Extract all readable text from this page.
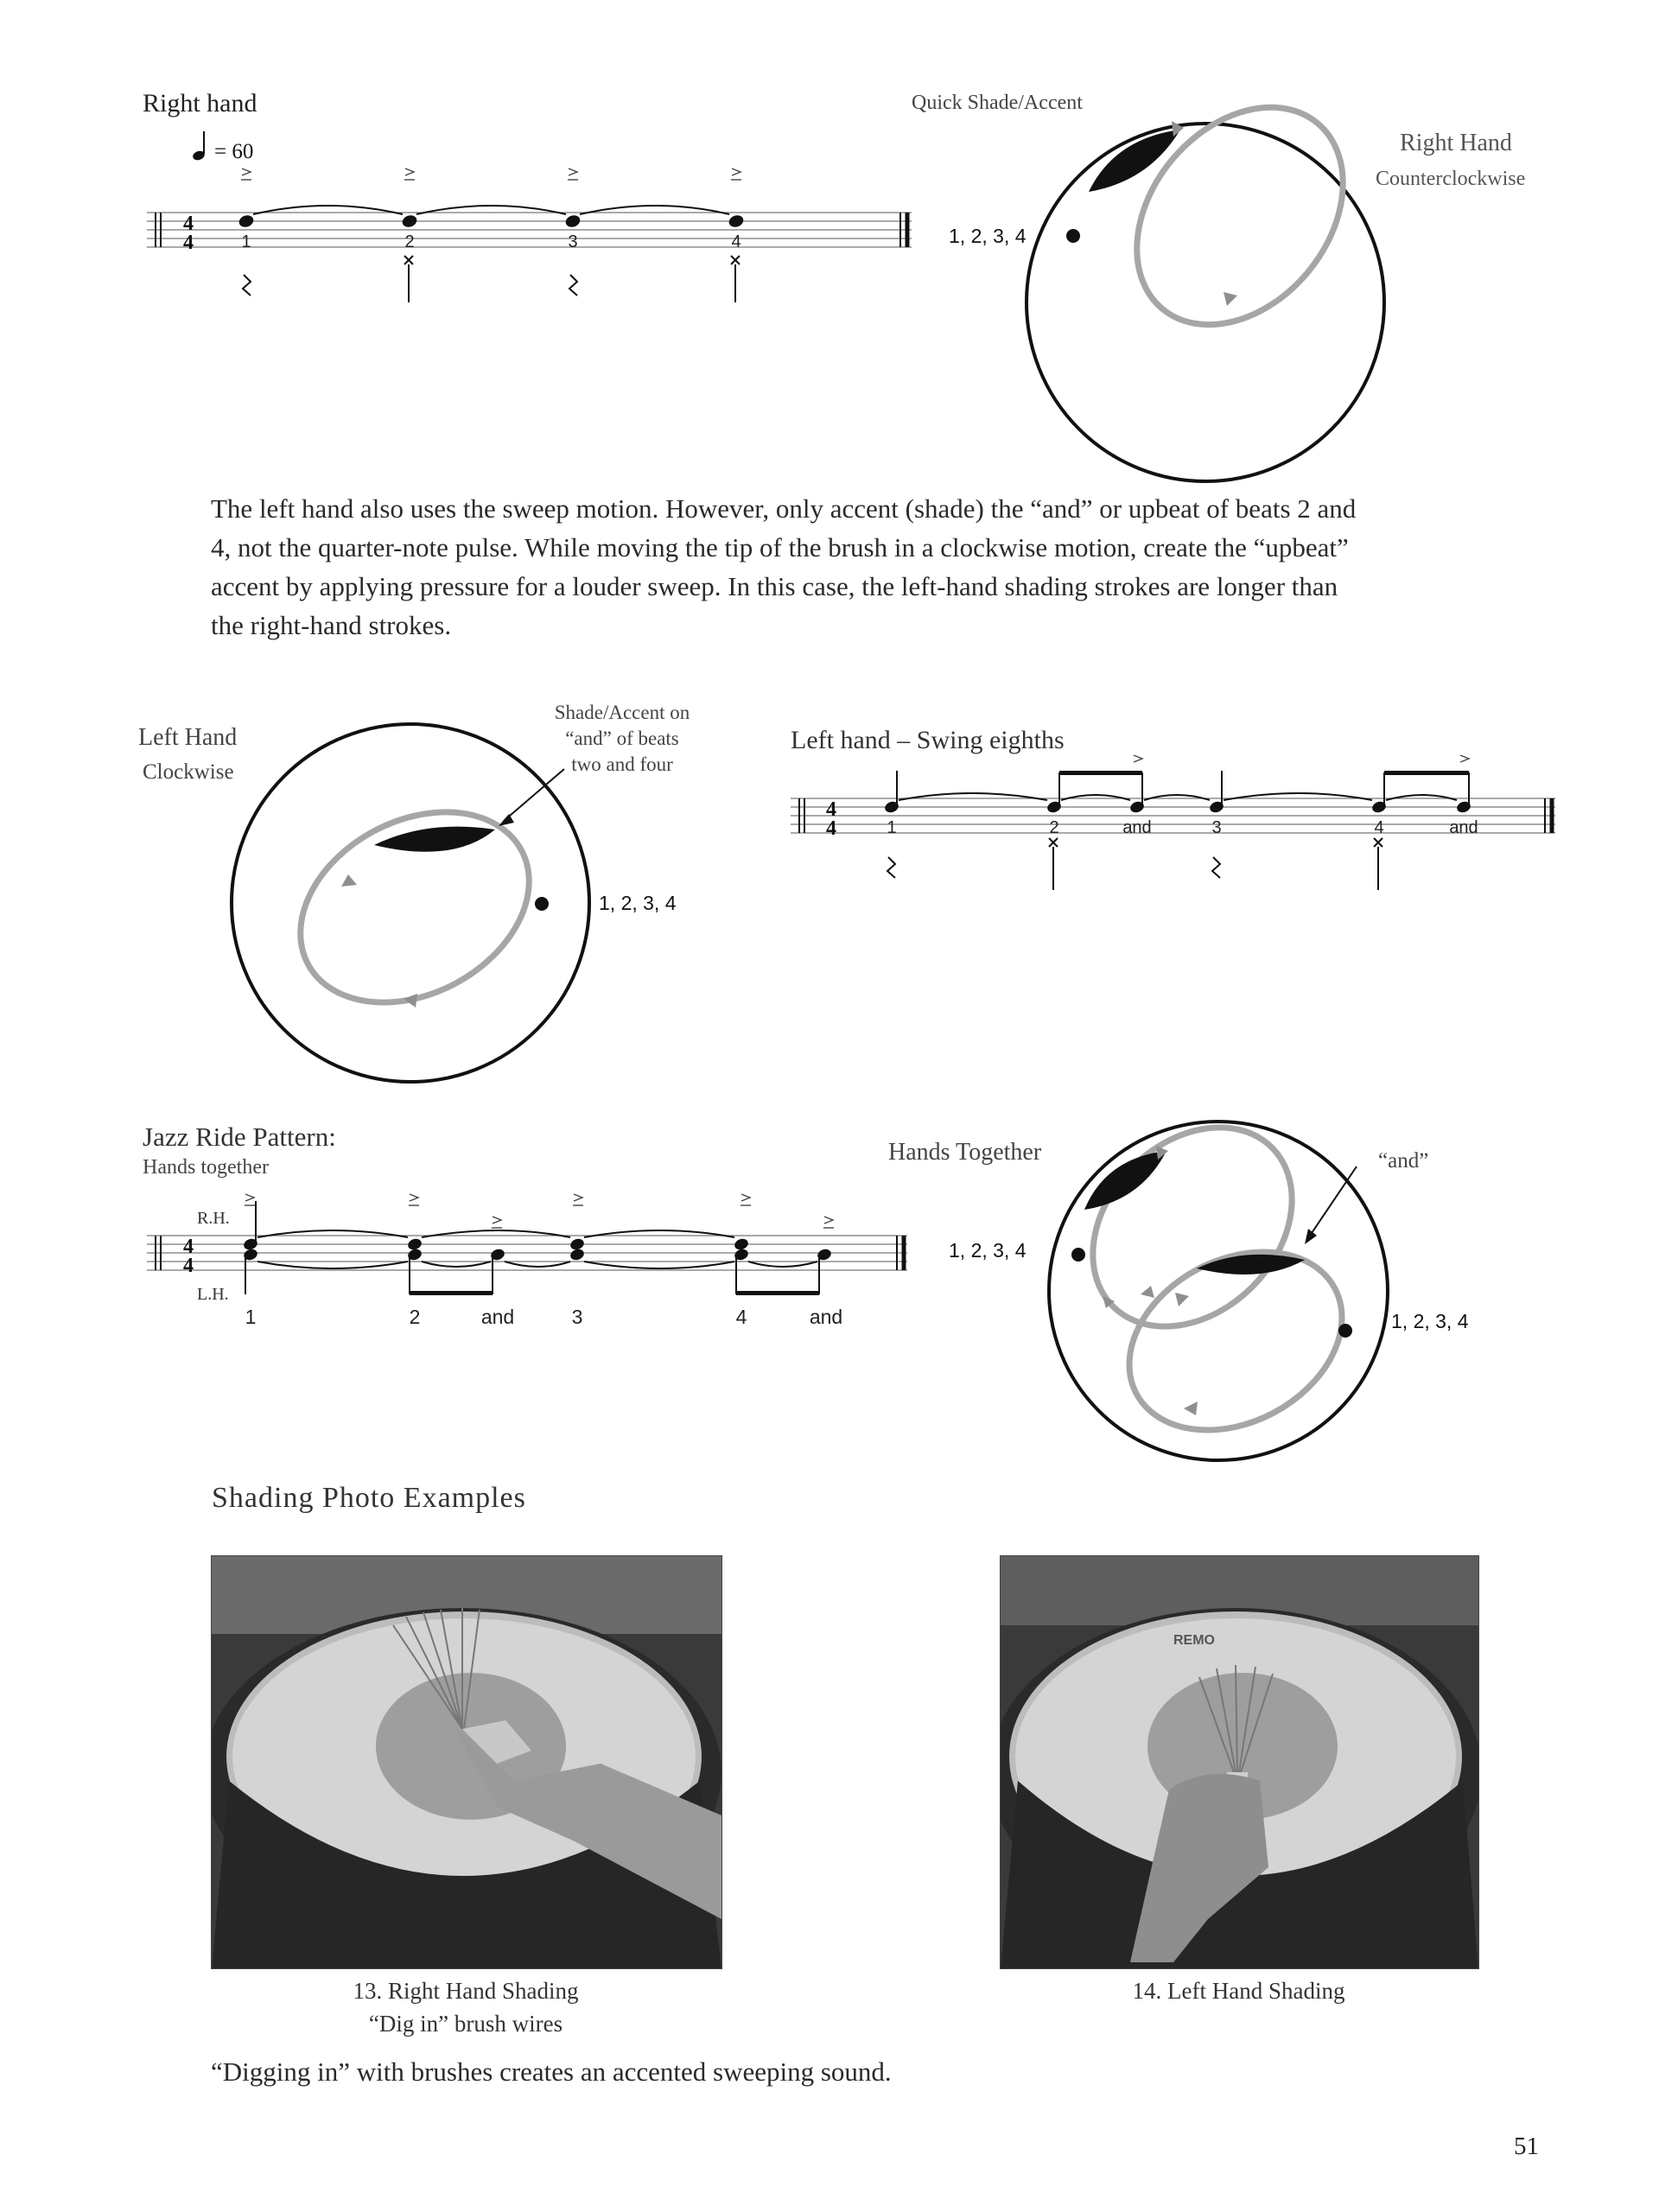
Right hand
= 60
4
4	1	2	3	4
Quick Shade/Accent
Right Hand
Counterclockwise
1, 2, 3, 4
The left hand also uses the sweep motion. However, only accent (shade) the “and” or upbeat of beats 2 and
4, not the quarter-note pulse. While moving the tip of the brush in a clockwise motion, create the “upbeat”
accent by applying pressure for a louder sweep. In this case, the left-hand shading strokes are longer than
the right-hand strokes.
Left Hand
Clockwise
Shade/Accent on
“and” of beats
two and four
1, 2, 3, 4
Left hand – Swing eighths
4
4	1	2	and	3	4	and
Jazz Ride Pattern:
Hands together
R.H.
L.H.
4
4
1	2	and	3	4	and
Hands Together	“and”
1, 2, 3, 4
1, 2, 3, 4
Shading Photo Examples
13. Right Hand Shading
“Dig in” brush wires
REMO
14. Left Hand Shading
“Digging in” with brushes creates an accented sweeping sound.
51
